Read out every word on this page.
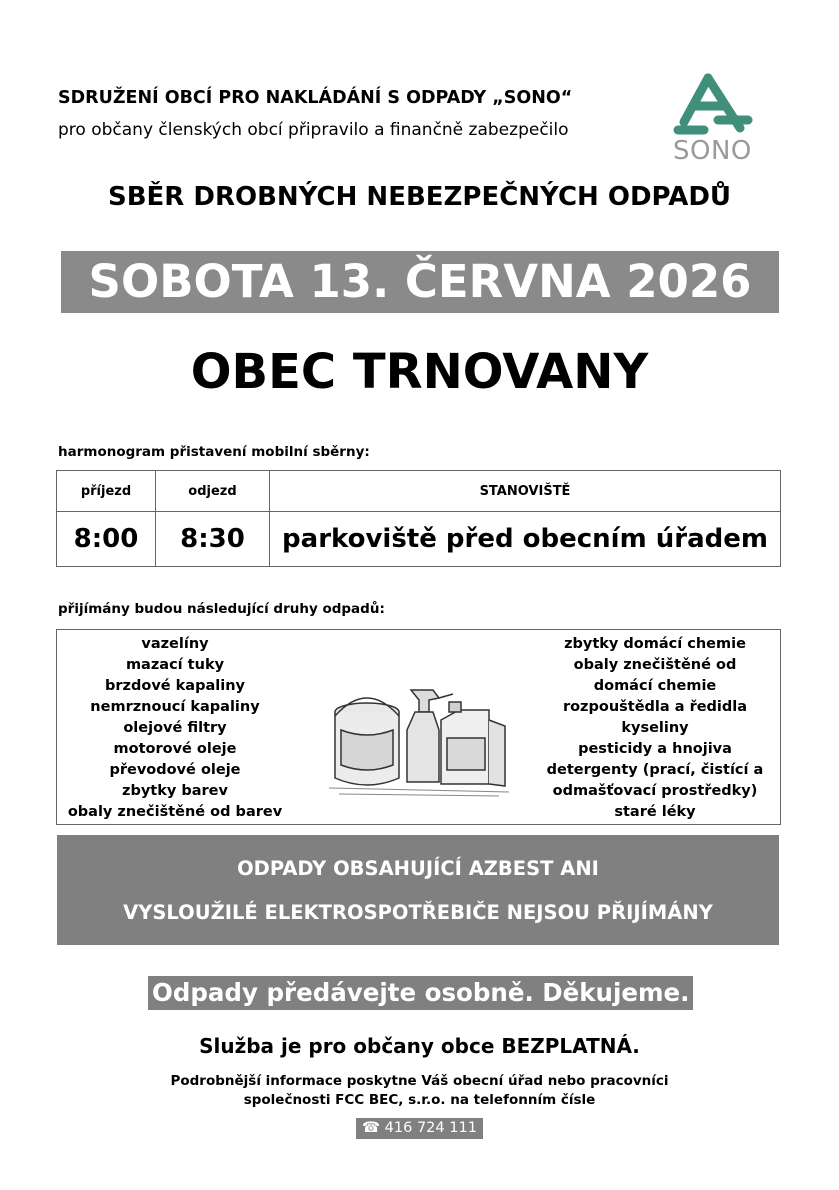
SDRUŽENÍ OBCÍ PRO NAKLÁDÁNÍ S ODPADY „SONO“
pro občany členských obcí připravilo a finančně zabezpečilo
SONO
SBĚR DROBNÝCH NEBEZPEČNÝCH ODPADŮ
SOBOTA 13. ČERVNA 2026
OBEC TRNOVANY
harmonogram přistavení mobilní sběrny:
příjezd	odjezd	STANOVIŠTĚ
8:00	8:30	parkoviště před obecním úřadem
přijímány budou následující druhy odpadů:
vazelíny
mazací tuky
brzdové kapaliny
nemrznoucí kapaliny
olejové filtry
motorové oleje
převodové oleje
zbytky barev
obaly znečištěné od barev
zbytky domácí chemie
obaly znečištěné od
domácí chemie
rozpouštědla a ředidla
kyseliny
pesticidy a hnojiva
detergenty (prací, čistící a
odmašťovací prostředky)
staré léky
ODPADY OBSAHUJÍCÍ AZBEST ANI
VYSLOUŽILÉ ELEKTROSPOTŘEBIČE NEJSOU PŘIJÍMÁNY
Odpady předávejte osobně. Děkujeme.
Služba je pro občany obce BEZPLATNÁ.
Podrobnější informace poskytne Váš obecní úřad nebo pracovníci
společnosti FCC BEC, s.r.o. na telefonním čísle
☎ 416 724 111
